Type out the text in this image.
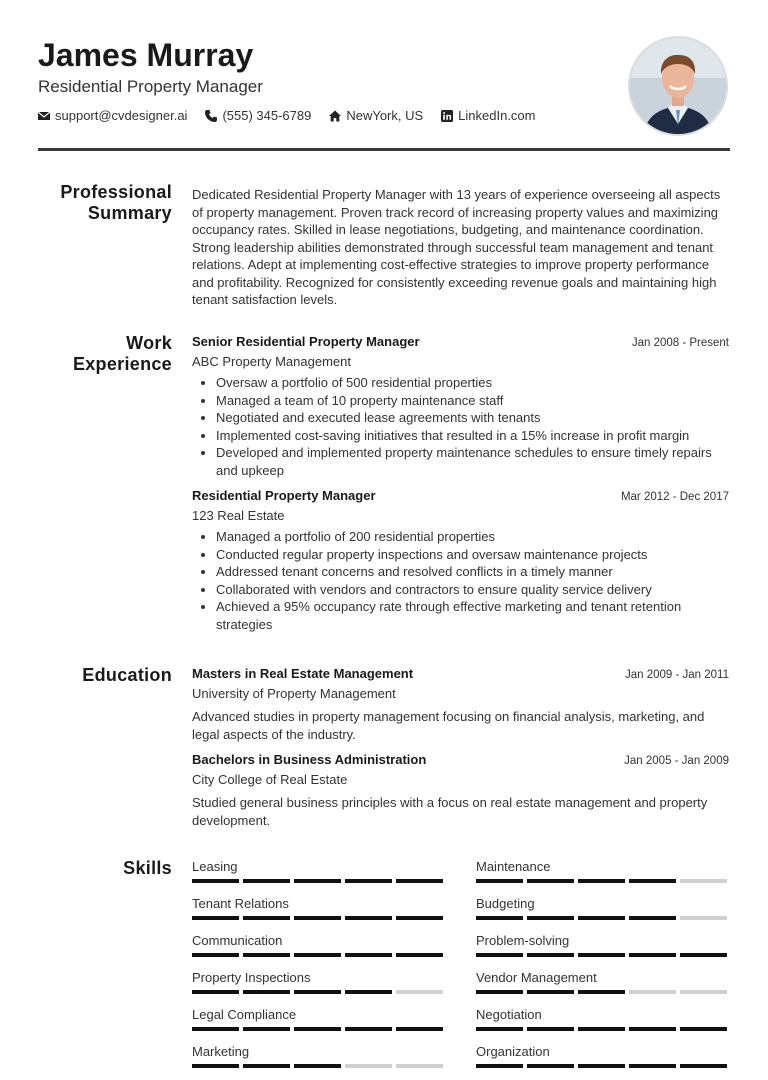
James Murray
Residential Property Manager
support@cvdesigner.ai	(555) 345-6789	NewYork, US	LinkedIn.com
Professional
Summary
Dedicated Residential Property Manager with 13 years of experience overseeing all aspects of property management. Proven track record of increasing property values and maximizing occupancy rates. Skilled in lease negotiations, budgeting, and maintenance coordination. Strong leadership abilities demonstrated through successful team management and tenant relations. Adept at implementing cost-effective strategies to improve property performance and profitability. Recognized for consistently exceeding revenue goals and maintaining high tenant satisfaction levels.
Work
Experience
Senior Residential Property Manager	Jan 2008 - Present
ABC Property Management
• Oversaw a portfolio of 500 residential properties
• Managed a team of 10 property maintenance staff
• Negotiated and executed lease agreements with tenants
• Implemented cost-saving initiatives that resulted in a 15% increase in profit margin
• Developed and implemented property maintenance schedules to ensure timely repairs and upkeep
Residential Property Manager	Mar 2012 - Dec 2017
123 Real Estate
• Managed a portfolio of 200 residential properties
• Conducted regular property inspections and oversaw maintenance projects
• Addressed tenant concerns and resolved conflicts in a timely manner
• Collaborated with vendors and contractors to ensure quality service delivery
• Achieved a 95% occupancy rate through effective marketing and tenant retention strategies
Education Masters in Real Estate Management	Jan 2009 - Jan 2011
University of Property Management
Advanced studies in property management focusing on financial analysis, marketing, and legal aspects of the industry.
Bachelors in Business Administration	Jan 2005 - Jan 2009
City College of Real Estate
Studied general business principles with a focus on real estate management and property development.
Skills Leasing	Maintenance
Tenant Relations	Budgeting
Communication	Problem-solving
Property Inspections	Vendor Management
Legal Compliance	Negotiation
Marketing	Organization
